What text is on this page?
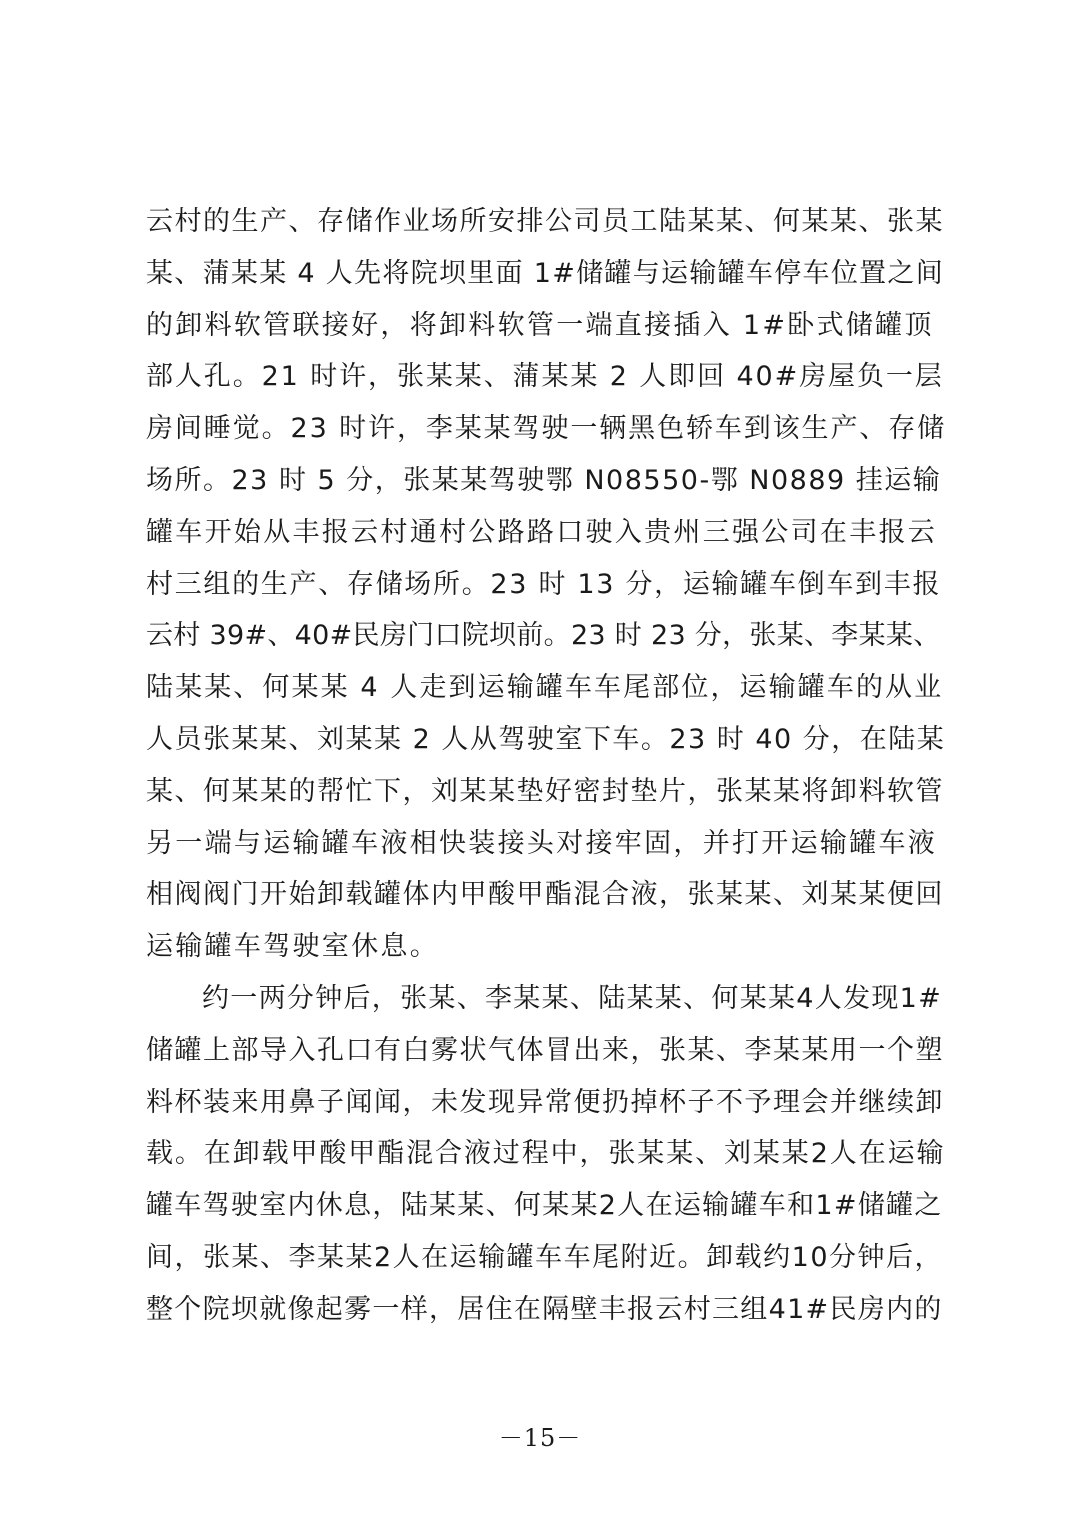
云村的生产、存储作业场所安排公司员工陆某某、何某某、张某
某、蒲某某 4 人先将院坝里面 1#储罐与运输罐车停车位置之间
的卸料软管联接好，将卸料软管一端直接插入 1#卧式储罐顶
部人孔。21 时许，张某某、蒲某某 2 人即回 40#房屋负一层
房间睡觉。23 时许，李某某驾驶一辆黑色轿车到该生产、存储
场所。23 时 5 分，张某某驾驶鄂 N08550-鄂 N0889 挂运输
罐车开始从丰报云村通村公路路口驶入贵州三强公司在丰报云
村三组的生产、存储场所。23 时 13 分，运输罐车倒车到丰报
云村 39#、40#民房门口院坝前。23 时 23 分，张某、李某某、
陆某某、何某某 4 人走到运输罐车车尾部位，运输罐车的从业
人员张某某、刘某某 2 人从驾驶室下车。23 时 40 分，在陆某
某、何某某的帮忙下，刘某某垫好密封垫片，张某某将卸料软管
另一端与运输罐车液相快装接头对接牢固，并打开运输罐车液
相阀阀门开始卸载罐体内甲酸甲酯混合液，张某某、刘某某便回
运输罐车驾驶室休息。
约一两分钟后，张某、李某某、陆某某、何某某4人发现1#
储罐上部导入孔口有白雾状气体冒出来，张某、李某某用一个塑
料杯装来用鼻子闻闻，未发现异常便扔掉杯子不予理会并继续卸
载。在卸载甲酸甲酯混合液过程中，张某某、刘某某2人在运输
罐车驾驶室内休息，陆某某、何某某2人在运输罐车和1#储罐之
间，张某、李某某2人在运输罐车车尾附近。卸载约10分钟后，
整个院坝就像起雾一样，居住在隔壁丰报云村三组41#民房内的
－15－
